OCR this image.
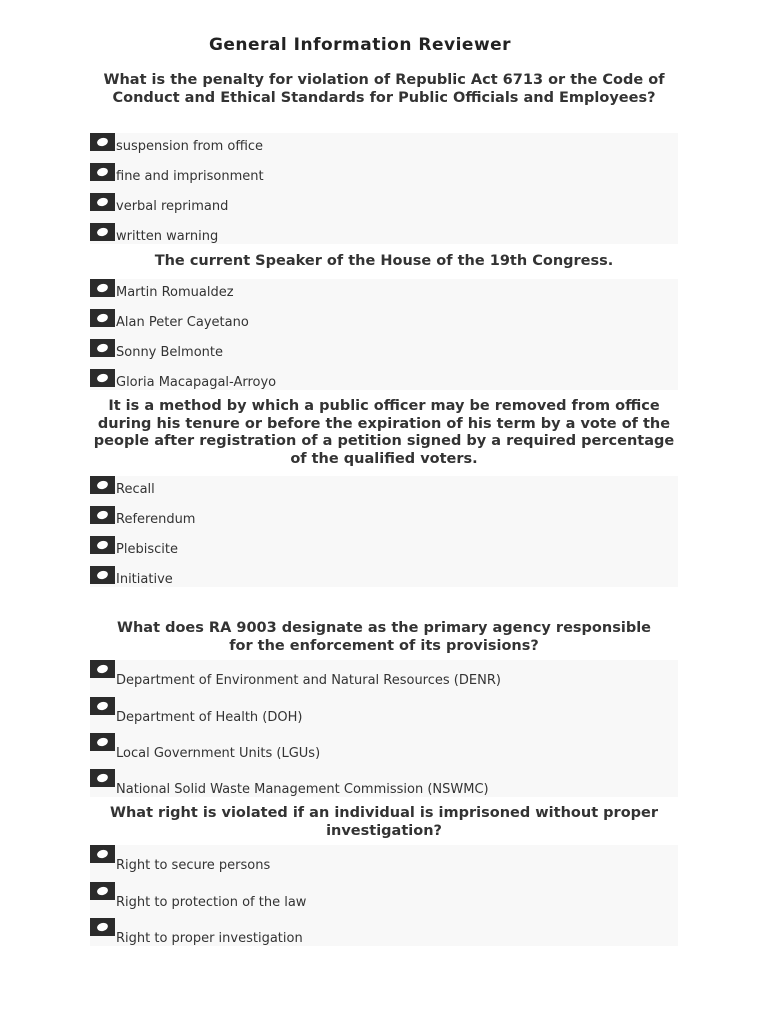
General Information Reviewer
What is the penalty for violation of Republic Act 6713 or the Code of Conduct and Ethical Standards for Public Officials and Employees?
suspension from office
fine and imprisonment
verbal reprimand
written warning
The current Speaker of the House of the 19th Congress.
Martin Romualdez
Alan Peter Cayetano
Sonny Belmonte
Gloria Macapagal-Arroyo
It is a method by which a public officer may be removed from office during his tenure or before the expiration of his term by a vote of the people after registration of a petition signed by a required percentage of the qualified voters.
Recall
Referendum
Plebiscite
Initiative
What does RA 9003 designate as the primary agency responsible for the enforcement of its provisions?
Department of Environment and Natural Resources (DENR)
Department of Health (DOH)
Local Government Units (LGUs)
National Solid Waste Management Commission (NSWMC)
What right is violated if an individual is imprisoned without proper investigation?
Right to secure persons
Right to protection of the law
Right to proper investigation
